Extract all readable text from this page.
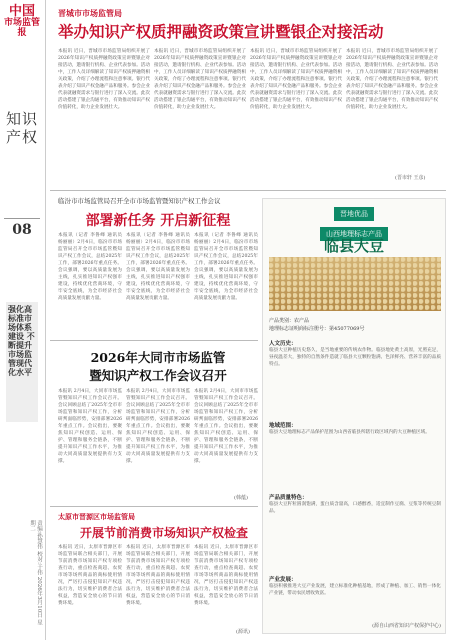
中国
市场监管报
知识产权
08
强化高标准市场体系建设 不断提升市场监管现代化水平
责编:孙慧伟 校对:于伟 2026年3月10日 星期二
晋城市市场监管局
举办知识产权质押融资政策宣讲暨银企对接活动
本报讯 近日，晋城市市场监管局组织开展了2026年知识产权质押融资政策宣讲暨银企对接活动，邀请银行机构、企业代表参加。活动中，工作人员详细解读了知识产权质押融资相关政策，介绍了办理流程和注意事项。银行代表介绍了知识产权金融产品和服务。参会企业代表就融资需求与银行进行了深入交流。此次活动搭建了银企沟通平台，有效推动知识产权价值转化，助力企业发展壮大。
本报讯 近日，晋城市市场监管局组织开展了2026年知识产权质押融资政策宣讲暨银企对接活动，邀请银行机构、企业代表参加。活动中，工作人员详细解读了知识产权质押融资相关政策，介绍了办理流程和注意事项。银行代表介绍了知识产权金融产品和服务。参会企业代表就融资需求与银行进行了深入交流。此次活动搭建了银企沟通平台，有效推动知识产权价值转化，助力企业发展壮大。
本报讯 近日，晋城市市场监管局组织开展了2026年知识产权质押融资政策宣讲暨银企对接活动，邀请银行机构、企业代表参加。活动中，工作人员详细解读了知识产权质押融资相关政策，介绍了办理流程和注意事项。银行代表介绍了知识产权金融产品和服务。参会企业代表就融资需求与银行进行了深入交流。此次活动搭建了银企沟通平台，有效推动知识产权价值转化，助力企业发展壮大。
本报讯 近日，晋城市市场监管局组织开展了2026年知识产权质押融资政策宣讲暨银企对接活动，邀请银行机构、企业代表参加。活动中，工作人员详细解读了知识产权质押融资相关政策，介绍了办理流程和注意事项。银行代表介绍了知识产权金融产品和服务。参会企业代表就融资需求与银行进行了深入交流。此次活动搭建了银企沟通平台，有效推动知识产权价值转化，助力企业发展壮大。
(晋市轩 王彦)
临汾市市场监管局召开全市市场监管暨知识产权工作会议
部署新任务 开启新征程
本报讯（记者 李鲁峰 通讯员 杨丽丽）2月4日，临汾市市场监管局召开全市市场监管暨知识产权工作会议，总结2025年工作，部署2026年重点任务。会议强调，要以高质量发展为主线，扎实推进知识产权强市建设，持续优化营商环境，守牢安全底线，为全市经济社会高质量发展贡献力量。
本报讯（记者 李鲁峰 通讯员 杨丽丽）2月4日，临汾市市场监管局召开全市市场监管暨知识产权工作会议，总结2025年工作，部署2026年重点任务。会议强调，要以高质量发展为主线，扎实推进知识产权强市建设，持续优化营商环境，守牢安全底线，为全市经济社会高质量发展贡献力量。
本报讯（记者 李鲁峰 通讯员 杨丽丽）2月4日，临汾市市场监管局召开全市市场监管暨知识产权工作会议，总结2025年工作，部署2026年重点任务。会议强调，要以高质量发展为主线，扎实推进知识产权强市建设，持续优化营商环境，守牢安全底线，为全市经济社会高质量发展贡献力量。
2026年大同市市场监管
暨知识产权工作会议召开
本报讯 2月4日，大同市市场监管暨知识产权工作会议召开。会议回顾总结了2025年全市市场监管和知识产权工作，分析研判面临形势，安排部署2026年重点工作。会议指出，要聚焦知识产权创造、运用、保护、管理和服务全链条，不断提升知识产权工作水平，为推动大同高质量发展提供有力支撑。
本报讯 2月4日，大同市市场监管暨知识产权工作会议召开。会议回顾总结了2025年全市市场监管和知识产权工作，分析研判面临形势，安排部署2026年重点工作。会议指出，要聚焦知识产权创造、运用、保护、管理和服务全链条，不断提升知识产权工作水平，为推动大同高质量发展提供有力支撑。
本报讯 2月4日，大同市市场监管暨知识产权工作会议召开。会议回顾总结了2025年全市市场监管和知识产权工作，分析研判面临形势，安排部署2026年重点工作。会议指出，要聚焦知识产权创造、运用、保护、管理和服务全链条，不断提升知识产权工作水平，为推动大同高质量发展提供有力支撑。
(韩蕴)
太原市晋源区市场监管局
开展节前消费市场知识产权检查
本报讯 近日，太原市晋源区市场监管局联合相关部门，开展节前消费市场知识产权专项检查行动，重点检查商超、农贸市场等场所商品的商标使用情况，严厉打击侵犯知识产权违法行为，切实维护消费者合法权益，营造安全放心的节日消费环境。
本报讯 近日，太原市晋源区市场监管局联合相关部门，开展节前消费市场知识产权专项检查行动，重点检查商超、农贸市场等场所商品的商标使用情况，严厉打击侵犯知识产权违法行为，切实维护消费者合法权益，营造安全放心的节日消费环境。
本报讯 近日，太原市晋源区市场监管局联合相关部门，开展节前消费市场知识产权专项检查行动，重点检查商超、农贸市场等场所商品的商标使用情况，严厉打击侵犯知识产权违法行为，切实维护消费者合法权益，营造安全放心的节日消费环境。
(源讯)
晋地优品
山西地理标志产品
临县大豆
产品类别：农产品
地理标志证明商标注册号：第45077069号
人文历史：
临县大豆种植历史悠久，是当地重要的传统农作物。临县地处黄土高原，光照充足，昼夜温差大，独特的自然条件造就了临县大豆颗粒饱满、色泽鲜亮、营养丰富的品质特点。
地域范围：
临县大豆地理标志产品保护范围为山西省临县所辖行政区域内的大豆种植区域。
产品质量特色：
临县大豆籽粒圆润饱满，蛋白质含量高，口感醇香，适宜制作豆腐、豆浆等传统豆制品。
产业发展：
临县积极推进大豆产业发展，建立标准化种植基地，形成了种植、加工、销售一体化产业链，带动农民增收致富。
(源自山西省知识产权保护中心)
